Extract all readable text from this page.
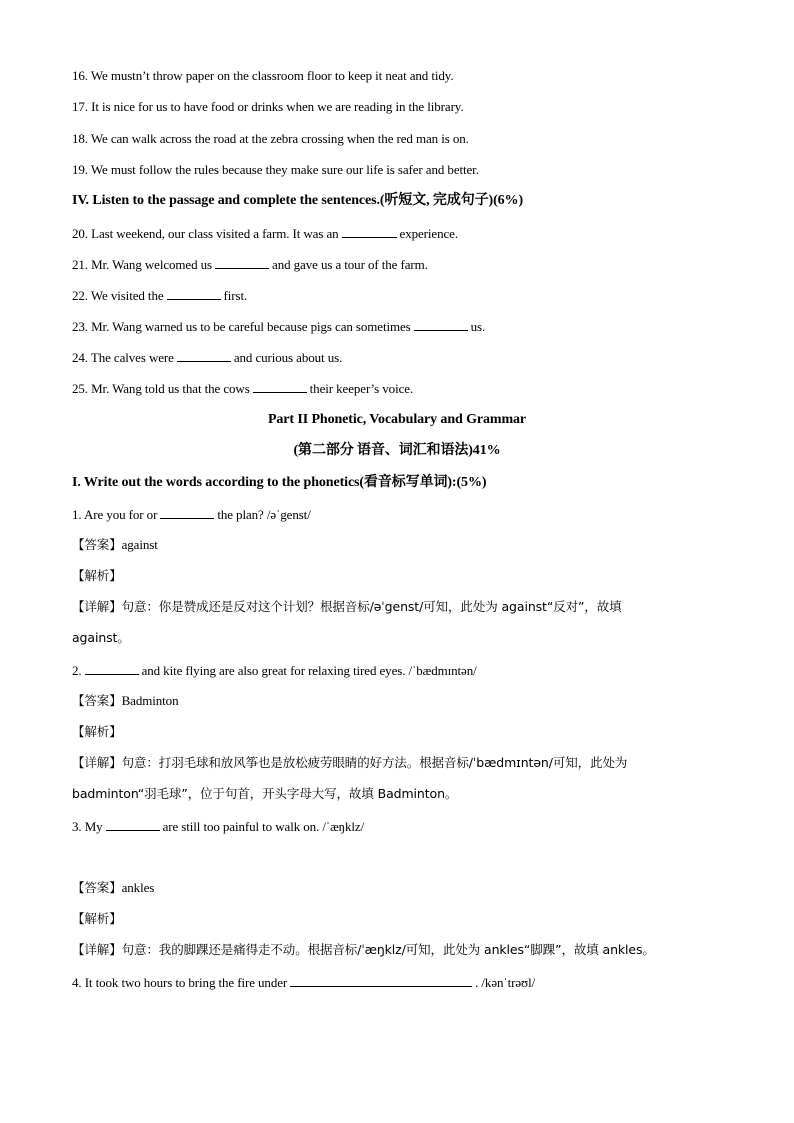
16. We mustn’t throw paper on the classroom floor to keep it neat and tidy.
17. It is nice for us to have food or drinks when we are reading in the library.
18. We can walk across the road at the zebra crossing when the red man is on.
19. We must follow the rules because they make sure our life is safer and better.
IV. Listen to the passage and complete the sentences.(听短文, 完成句子)(6%)
20. Last weekend, our class visited a farm. It was an	experience.
21. Mr. Wang welcomed us	and gave us a tour of the farm.
22. We visited the	first.
23. Mr. Wang warned us to be careful because pigs can sometimes	us.
24. The calves were	and curious about us.
25. Mr. Wang told us that the cows	their keeper’s voice.
Part II Phonetic, Vocabulary and Grammar
(第二部分 语音、词汇和语法)41%
I. Write out the words according to the phonetics(看音标写单词):(5%)
1. Are you for or	the plan? /əˈgenst/
【答案】against
【解析】
【详解】句意：你是赞成还是反对这个计划？根据音标/əˈgenst/可知，此处为 against“反对”，故填
against。
2.	and kite flying are also great for relaxing tired eyes. /ˈbædmɪntən/
【答案】Badminton
【解析】
【详解】句意：打羽毛球和放风筝也是放松疲劳眼睛的好方法。根据音标/ˈbædmɪntən/可知，此处为
badminton“羽毛球”，位于句首，开头字母大写，故填 Badminton。
3. My	are still too painful to walk on. /ˈæŋklz/
【答案】ankles
【解析】
【详解】句意：我的脚踝还是痛得走不动。根据音标/ˈæŋklz/可知，此处为 ankles“脚踝”，故填 ankles。
4. It took two hours to bring the fire under	. /kənˈtrəʊl/
